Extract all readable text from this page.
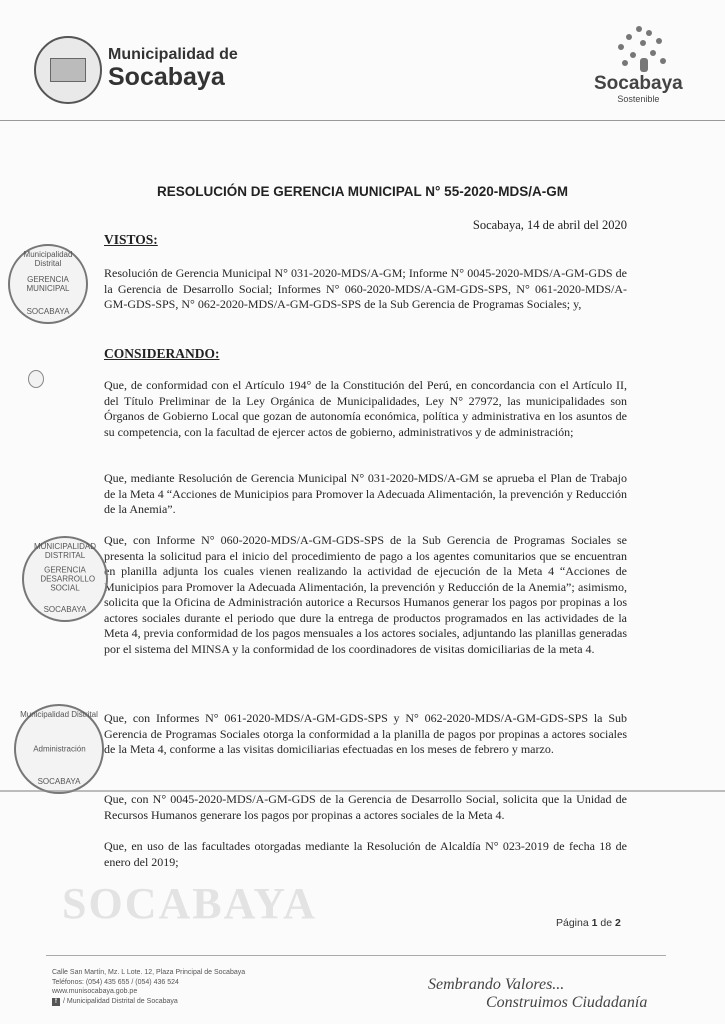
Municipalidad de
Socabaya	Socabaya
Sostenible
RESOLUCIÓN DE GERENCIA MUNICIPAL N° 55-2020-MDS/A-GM
Socabaya, 14 de abril del 2020
VISTOS:
Resolución de Gerencia Municipal N° 031-2020-MDS/A-GM; Informe N° 0045-2020-MDS/A-GM-GDS de la Gerencia de Desarrollo Social; Informes N° 060-2020-MDS/A-GM-GDS-SPS, N° 061-2020-MDS/A-GM-GDS-SPS, N° 062-2020-MDS/A-GM-GDS-SPS de la Sub Gerencia de Programas Sociales; y,
CONSIDERANDO:
Que, de conformidad con el Artículo 194° de la Constitución del Perú, en concordancia con el Artículo II, del Título Preliminar de la Ley Orgánica de Municipalidades, Ley N° 27972, las municipalidades son Órganos de Gobierno Local que gozan de autonomía económica, política y administrativa en los asuntos de su competencia, con la facultad de ejercer actos de gobierno, administrativos y de administración;
Que, mediante Resolución de Gerencia Municipal N° 031-2020-MDS/A-GM se aprueba el Plan de Trabajo de la Meta 4 “Acciones de Municipios para Promover la Adecuada Alimentación, la prevención y Reducción de la Anemia”.
Que, con Informe N° 060-2020-MDS/A-GM-GDS-SPS de la Sub Gerencia de Programas Sociales se presenta la solicitud para el inicio del procedimiento de pago a los agentes comunitarios que se encuentran en planilla adjunta los cuales vienen realizando la actividad de ejecución de la Meta 4 “Acciones de Municipios para Promover la Adecuada Alimentación, la prevención y Reducción de la Anemia”; asimismo, solicita que la Oficina de Administración autorice a Recursos Humanos generar los pagos por propinas a los actores sociales durante el periodo que dure la entrega de productos programados en las actividades de la Meta 4, previa conformidad de los pagos mensuales a los actores sociales, adjuntando las planillas generadas por el sistema del MINSA y la conformidad de los coordinadores de visitas domiciliarias de la meta 4.
Que, con Informes N° 061-2020-MDS/A-GM-GDS-SPS y N° 062-2020-MDS/A-GM-GDS-SPS la Sub Gerencia de Programas Sociales otorga la conformidad a la planilla de pagos por propinas a actores sociales de la Meta 4, conforme a las visitas domiciliarias efectuadas en los meses de febrero y marzo.
Que, con N° 0045-2020-MDS/A-GM-GDS de la Gerencia de Desarrollo Social, solicita que la Unidad de Recursos Humanos generare los pagos por propinas a actores sociales de la Meta 4.
Que, en uso de las facultades otorgadas mediante la Resolución de Alcaldía N° 023-2019 de fecha 18 de enero del 2019;
Municipalidad Distrital
GERENCIA MUNICIPAL
SOCABAYA
MUNICIPALIDAD DISTRITAL
GERENCIA DESARROLLO SOCIAL
SOCABAYA
Municipalidad Distrital
Administración
SOCABAYA
SOCABAYA	Página 1 de 2
Calle San Martín, Mz. L Lote. 12, Plaza Principal de Socabaya
Teléfonos: (054) 435 655 / (054) 436 524
www.munisocabaya.gob.pe
f / Municipalidad Distrital de Socabaya
Sembrando Valores...
Construimos Ciudadanía
